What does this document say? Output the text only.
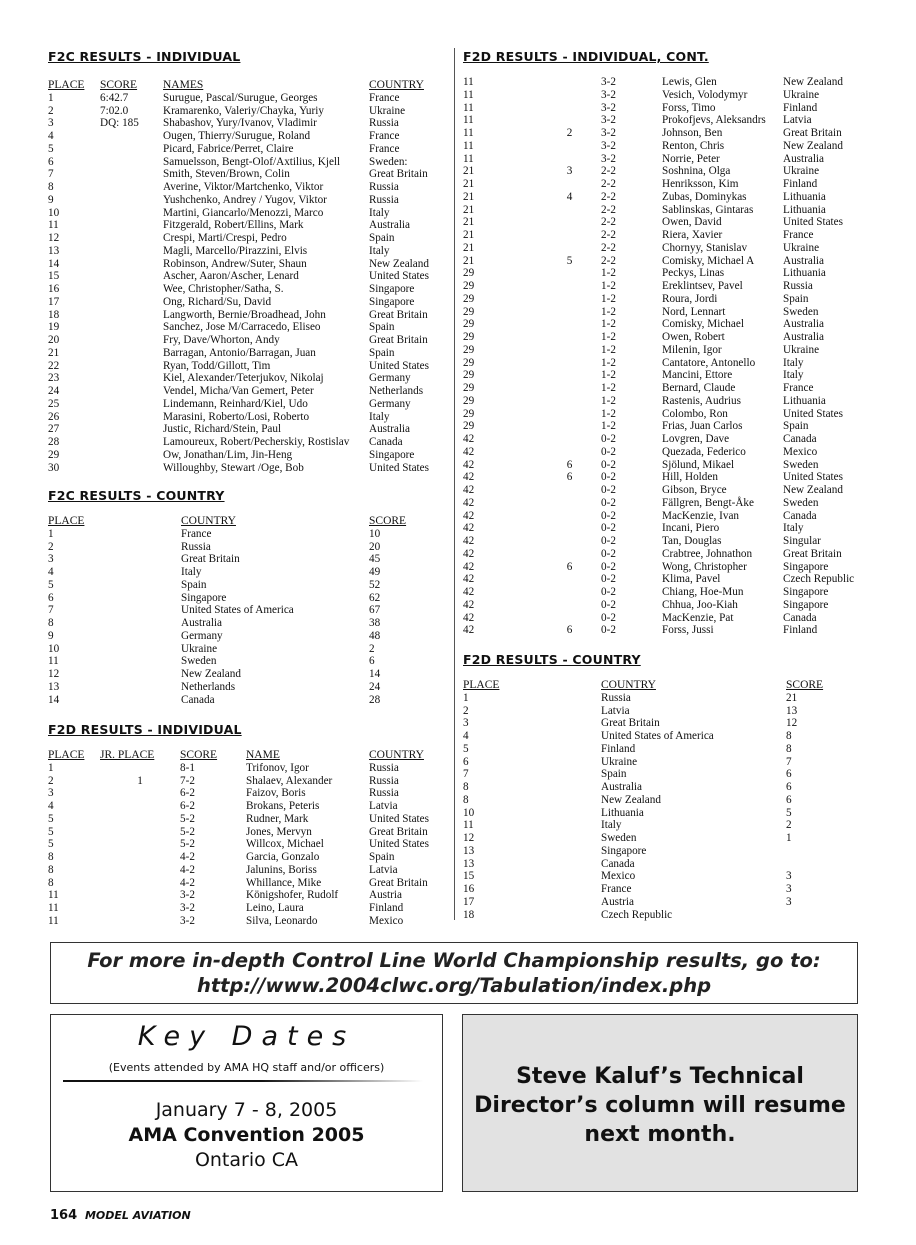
F2C RESULTS - INDIVIDUAL
PLACE	SCORE	NAMES	COUNTRY
1	6:42.7	Surugue, Pascal/Surugue, Georges	France
2	7:02.0	Kramarenko, Valeriy/Chayka, Yuriy	Ukraine
3	DQ: 185	Shabashov, Yury/Ivanov, Vladimir	Russia
4		Ougen, Thierry/Surugue, Roland	France
5		Picard, Fabrice/Perret, Claire	France
6		Samuelsson, Bengt-Olof/Axtilius, Kjell	Sweden:
7		Smith, Steven/Brown, Colin	Great Britain
8		Averine, Viktor/Martchenko, Viktor	Russia
9		Yushchenko, Andrey / Yugov, Viktor	Russia
10		Martini, Giancarlo/Menozzi, Marco	Italy
11		Fitzgerald, Robert/Ellins, Mark	Australia
12		Crespi, Marti/Crespi, Pedro	Spain
13		Magli, Marcello/Pirazzini, Elvis	Italy
14		Robinson, Andrew/Suter, Shaun	New Zealand
15		Ascher, Aaron/Ascher, Lenard	United States
16		Wee, Christopher/Satha, S.	Singapore
17		Ong, Richard/Su, David	Singapore
18		Langworth, Bernie/Broadhead, John	Great Britain
19		Sanchez, Jose M/Carracedo, Eliseo	Spain
20		Fry, Dave/Whorton, Andy	Great Britain
21		Barragan, Antonio/Barragan, Juan	Spain
22		Ryan, Todd/Gillott, Tim	United States
23		Kiel, Alexander/Teterjukov, Nikolaj	Germany
24		Vendel, Micha/Van Gemert, Peter	Netherlands
25		Lindemann, Reinhard/Kiel, Udo	Germany
26		Marasini, Roberto/Losi, Roberto	Italy
27		Justic, Richard/Stein, Paul	Australia
28		Lamoureux, Robert/Pecherskiy, Rostislav	Canada
29		Ow, Jonathan/Lim, Jin-Heng	Singapore
30		Willoughby, Stewart /Oge, Bob	United States
F2C RESULTS - COUNTRY
PLACE	COUNTRY	SCORE
1	France	10
2	Russia	20
3	Great Britain	45
4	Italy	49
5	Spain	52
6	Singapore	62
7	United States of America	67
8	Australia	38
9	Germany	48
10	Ukraine	2
11	Sweden	6
12	New Zealand	14
13	Netherlands	24
14	Canada	28
F2D RESULTS - INDIVIDUAL
PLACE	JR. PLACE	SCORE	NAME	COUNTRY
1		8-1	Trifonov, Igor	Russia
2	1	7-2	Shalaev, Alexander	Russia
3		6-2	Faizov, Boris	Russia
4		6-2	Brokans, Peteris	Latvia
5		5-2	Rudner, Mark	United States
5		5-2	Jones, Mervyn	Great Britain
5		5-2	Willcox, Michael	United States
8		4-2	Garcia, Gonzalo	Spain
8		4-2	Jalunins, Boriss	Latvia
8		4-2	Whillance, Mike	Great Britain
11		3-2	Königshofer, Rudolf	Austria
11		3-2	Leino, Laura	Finland
11		3-2	Silva, Leonardo	Mexico
F2D RESULTS - INDIVIDUAL, CONT.
11		3-2	Lewis, Glen	New Zealand
11		3-2	Vesich, Volodymyr	Ukraine
11		3-2	Forss, Timo	Finland
11		3-2	Prokofjevs, Aleksandrs	Latvia
11	2	3-2	Johnson, Ben	Great Britain
11		3-2	Renton, Chris	New Zealand
11		3-2	Norrie, Peter	Australia
21	3	2-2	Soshnina, Olga	Ukraine
21		2-2	Henriksson, Kim	Finland
21	4	2-2	Zubas, Dominykas	Lithuania
21		2-2	Sablinskas, Gintaras	Lithuania
21		2-2	Owen, David	United States
21		2-2	Riera, Xavier	France
21		2-2	Chornyy, Stanislav	Ukraine
21	5	2-2	Comisky, Michael A	Australia
29		1-2	Peckys, Linas	Lithuania
29		1-2	Ereklintsev, Pavel	Russia
29		1-2	Roura, Jordi	Spain
29		1-2	Nord, Lennart	Sweden
29		1-2	Comisky, Michael	Australia
29		1-2	Owen, Robert	Australia
29		1-2	Milenin, Igor	Ukraine
29		1-2	Cantatore, Antonello	Italy
29		1-2	Mancini, Ettore	Italy
29		1-2	Bernard, Claude	France
29		1-2	Rastenis, Audrius	Lithuania
29		1-2	Colombo, Ron	United States
29		1-2	Frias, Juan Carlos	Spain
42		0-2	Lovgren, Dave	Canada
42		0-2	Quezada, Federico	Mexico
42	6	0-2	Sjölund, Mikael	Sweden
42	6	0-2	Hill, Holden	United States
42		0-2	Gibson, Bryce	New Zealand
42		0-2	Fällgren, Bengt-Åke	Sweden
42		0-2	MacKenzie, Ivan	Canada
42		0-2	Incani, Piero	Italy
42		0-2	Tan, Douglas	Singular
42		0-2	Crabtree, Johnathon	Great Britain
42	6	0-2	Wong, Christopher	Singapore
42		0-2	Klima, Pavel	Czech Republic
42		0-2	Chiang, Hoe-Mun	Singapore
42		0-2	Chhua, Joo-Kiah	Singapore
42		0-2	MacKenzie, Pat	Canada
42	6	0-2	Forss, Jussi	Finland
F2D RESULTS - COUNTRY
PLACE	COUNTRY	SCORE
1	Russia	21
2	Latvia	13
3	Great Britain	12
4	United States of America	8
5	Finland	8
6	Ukraine	7
7	Spain	6
8	Australia	6
8	New Zealand	6
10	Lithuania	5
11	Italy	2
12	Sweden	1
13	Singapore	
13	Canada	
15	Mexico	3
16	France	3
17	Austria	3
18	Czech Republic	
For more in-depth Control Line World Championship results, go to:
http://www.2004clwc.org/Tabulation/index.php
Key Dates
(Events attended by AMA HQ staff and/or officers)
January 7 - 8, 2005
AMA Convention 2005
Ontario CA
Steve Kaluf’s Technical Director’s column will resume next month.
164 MODEL AVIATION
